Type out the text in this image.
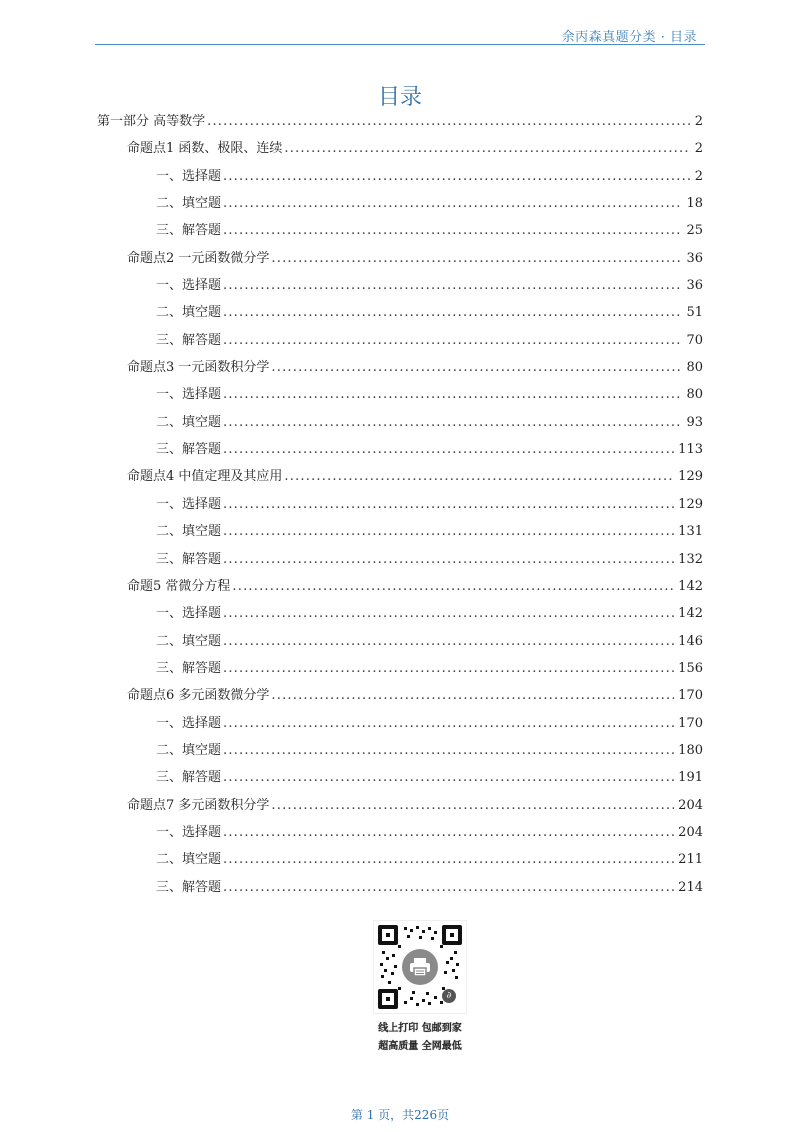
余丙森真题分类 · 目录
目录
第一部分 高等数学 .....	2
命题点1 函数、极限、连续 .....	2
一、选择题 .....	2
二、填空题 .....	18
三、解答题 .....	25
命题点2 一元函数微分学 .....	36
一、选择题 .....	36
二、填空题 .....	51
三、解答题 .....	70
命题点3 一元函数积分学 .....	80
一、选择题 .....	80
二、填空题 .....	93
三、解答题 .....	113
命题点4 中值定理及其应用 .....	129
一、选择题 .....	129
二、填空题 .....	131
三、解答题 .....	132
命题5 常微分方程 .....	142
一、选择题 .....	142
二、填空题 .....	146
三、解答题 .....	156
命题点6 多元函数微分学 .....	170
一、选择题 .....	170
二、填空题 .....	180
三、解答题 .....	191
命题点7 多元函数积分学 .....	204
一、选择题 .....	204
二、填空题 .....	211
三、解答题 .....	214
∂
线上打印 包邮到家
超高质量 全网最低
第 1 页，共226页
